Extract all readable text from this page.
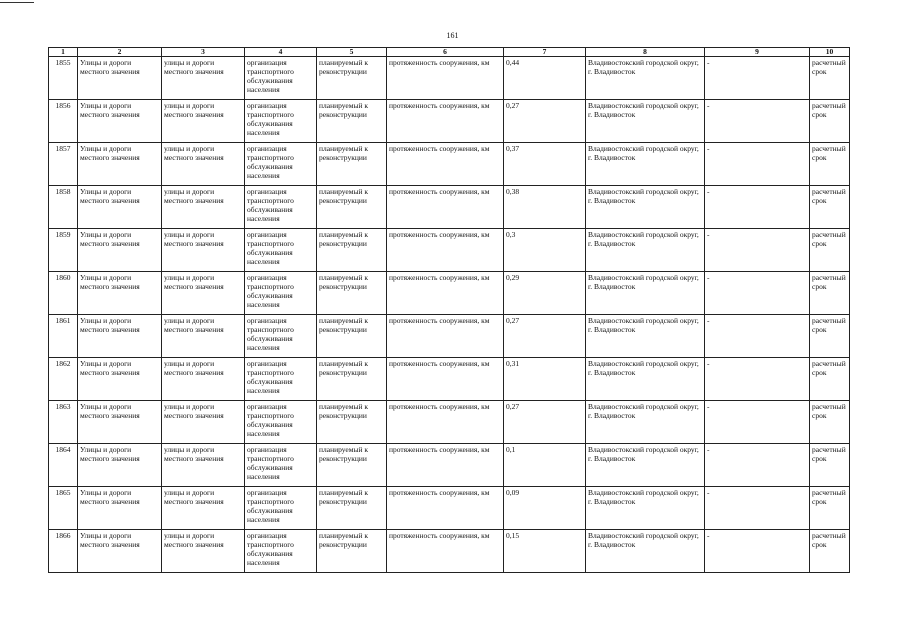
161
1	2	3	4	5	6	7	8	9	10
1855	Улицы и дороги местного значения	улицы и дороги местного значения	организация транспортного обслуживания населения	планируемый к реконструкции	протяженность сооружения, км	0,44	Владивостокский городской округ, г. Владивосток	-	расчетный срок
1856	Улицы и дороги местного значения	улицы и дороги местного значения	организация транспортного обслуживания населения	планируемый к реконструкции	протяженность сооружения, км	0,27	Владивостокский городской округ, г. Владивосток	-	расчетный срок
1857	Улицы и дороги местного значения	улицы и дороги местного значения	организация транспортного обслуживания населения	планируемый к реконструкции	протяженность сооружения, км	0,37	Владивостокский городской округ, г. Владивосток	-	расчетный срок
1858	Улицы и дороги местного значения	улицы и дороги местного значения	организация транспортного обслуживания населения	планируемый к реконструкции	протяженность сооружения, км	0,38	Владивостокский городской округ, г. Владивосток	-	расчетный срок
1859	Улицы и дороги местного значения	улицы и дороги местного значения	организация транспортного обслуживания населения	планируемый к реконструкции	протяженность сооружения, км	0,3	Владивостокский городской округ, г. Владивосток	-	расчетный срок
1860	Улицы и дороги местного значения	улицы и дороги местного значения	организация транспортного обслуживания населения	планируемый к реконструкции	протяженность сооружения, км	0,29	Владивостокский городской округ, г. Владивосток	-	расчетный срок
1861	Улицы и дороги местного значения	улицы и дороги местного значения	организация транспортного обслуживания населения	планируемый к реконструкции	протяженность сооружения, км	0,27	Владивостокский городской округ, г. Владивосток	-	расчетный срок
1862	Улицы и дороги местного значения	улицы и дороги местного значения	организация транспортного обслуживания населения	планируемый к реконструкции	протяженность сооружения, км	0,31	Владивостокский городской округ, г. Владивосток	-	расчетный срок
1863	Улицы и дороги местного значения	улицы и дороги местного значения	организация транспортного обслуживания населения	планируемый к реконструкции	протяженность сооружения, км	0,27	Владивостокский городской округ, г. Владивосток	-	расчетный срок
1864	Улицы и дороги местного значения	улицы и дороги местного значения	организация транспортного обслуживания населения	планируемый к реконструкции	протяженность сооружения, км	0,1	Владивостокский городской округ, г. Владивосток	-	расчетный срок
1865	Улицы и дороги местного значения	улицы и дороги местного значения	организация транспортного обслуживания населения	планируемый к реконструкции	протяженность сооружения, км	0,09	Владивостокский городской округ, г. Владивосток	-	расчетный срок
1866	Улицы и дороги местного значения	улицы и дороги местного значения	организация транспортного обслуживания населения	планируемый к реконструкции	протяженность сооружения, км	0,15	Владивостокский городской округ, г. Владивосток	-	расчетный срок
